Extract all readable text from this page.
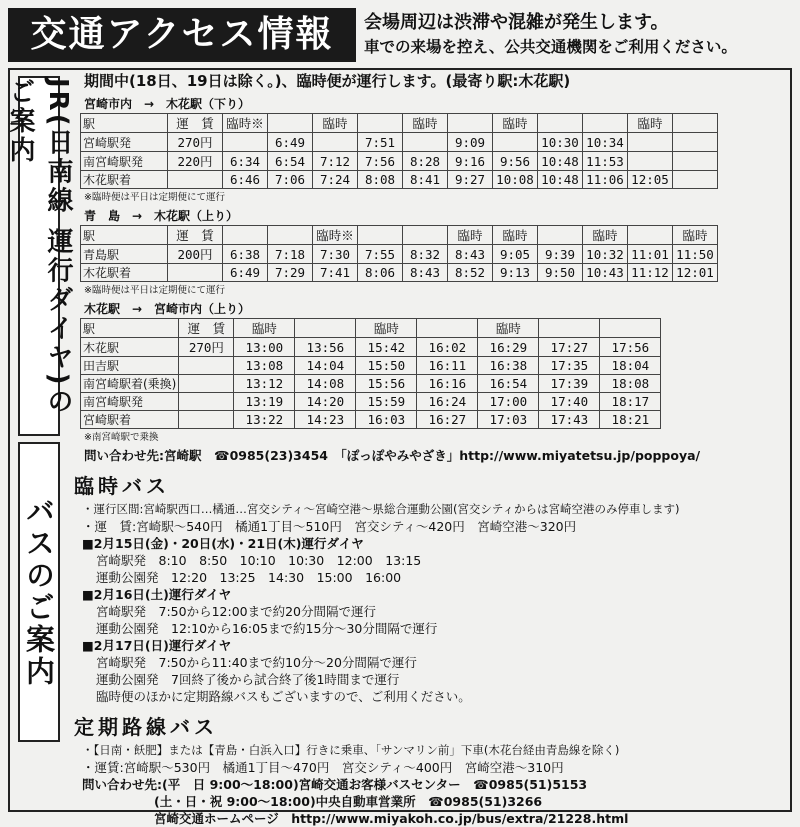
交通アクセス情報	会場周辺は渋滞や混雑が発生します。
車での来場を控え、公共交通機関をご利用ください。
JR(日南線 運行ダイヤ)のご案内
バスのご案内
期間中(18日、19日は除く。)、臨時便が運行します。(最寄り駅:木花駅)
宮崎市内　→　木花駅（下り）
駅	運　賃	臨時※		臨時		臨時		臨時			臨時	
宮崎駅発	270円		6:49		7:51		9:09		10:30	10:34		
南宮崎駅発	220円	6:34	6:54	7:12	7:56	8:28	9:16	9:56	10:48	11:53		
木花駅着		6:46	7:06	7:24	8:08	8:41	9:27	10:08	10:48	11:06	12:05	
※臨時便は平日は定期便にて運行
青　島　→　木花駅（上り）
駅	運　賃			臨時※			臨時	臨時		臨時		臨時
青島駅	200円	6:38	7:18	7:30	7:55	8:32	8:43	9:05	9:39	10:32	11:01	11:50
木花駅着		6:49	7:29	7:41	8:06	8:43	8:52	9:13	9:50	10:43	11:12	12:01
※臨時便は平日は定期便にて運行
木花駅　→　宮崎市内（上り）
駅	運　賃	臨時		臨時		臨時		
木花駅	270円	13:00	13:56	15:42	16:02	16:29	17:27	17:56
田吉駅		13:08	14:04	15:50	16:11	16:38	17:35	18:04
南宮崎駅着(乗換)		13:12	14:08	15:56	16:16	16:54	17:39	18:08
南宮崎駅発		13:19	14:20	15:59	16:24	17:00	17:40	18:17
宮崎駅着		13:22	14:23	16:03	16:27	17:03	17:43	18:21
※南宮崎駅で乗換
問い合わせ先:宮崎駅　☎0985(23)3454　「ぽっぽやみやざき」http://www.miyatetsu.jp/poppoya/
臨時バス
・運行区間:宮崎駅西口…橘通…宮交シティ～宮崎空港～県総合運動公園(宮交シティからは宮崎空港のみ停車します)
・運　賃:宮崎駅～540円　橘通1丁目～510円　宮交シティ～420円　宮崎空港～320円
■2月15日(金)・20日(水)・21日(木)運行ダイヤ
宮崎駅発　8:10　8:50　10:10　10:30　12:00　13:15
運動公園発　12:20　13:25　14:30　15:00　16:00
■2月16日(土)運行ダイヤ
宮崎駅発　7:50から12:00まで約20分間隔で運行
運動公園発　12:10から16:05まで約15分～30分間隔で運行
■2月17日(日)運行ダイヤ
宮崎駅発　7:50から11:40まで約10分～20分間隔で運行
運動公園発　7回終了後から試合終了後1時間まで運行
臨時便のほかに定期路線バスもございますので、ご利用ください。
定期路線バス
・【日南・飫肥】または【青島・白浜入口】行きに乗車、「サンマリン前」下車(木花台経由青島線を除く)
・運賃:宮崎駅～530円　橘通1丁目～470円　宮交シティ～400円　宮崎空港～310円
問い合わせ先:(平　日 9:00～18:00)宮崎交通お客様バスセンター　☎0985(51)5153
(土・日・祝 9:00～18:00)中央自動車営業所　☎0985(51)3266
宮崎交通ホームページ　http://www.miyakoh.co.jp/bus/extra/21228.html
